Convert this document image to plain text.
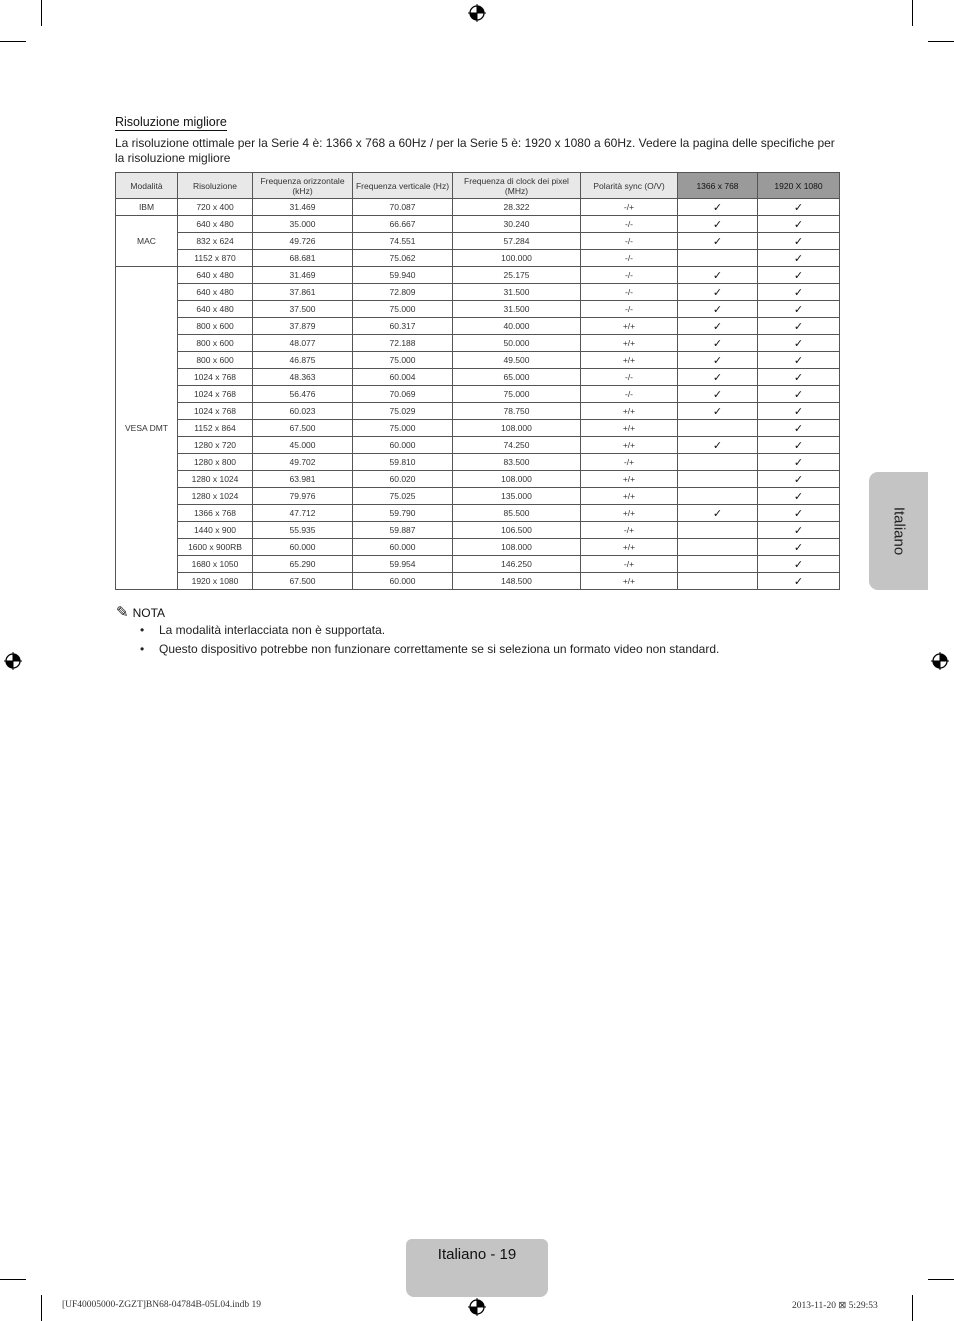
Risoluzione migliore
La risoluzione ottimale per la Serie 4 è: 1366 x 768 a 60Hz / per la Serie 5 è: 1920 x 1080 a 60Hz. Vedere la pagina delle specifiche per la risoluzione migliore
Modalità	Risoluzione	Frequenza orizzontale (kHz)	Frequenza verticale (Hz)	Frequenza di clock dei pixel (MHz)	Polarità sync (O/V)	1366 x 768	1920 X 1080
IBM	720 x 400	31.469	70.087	28.322	-/+	✓	✓
MAC	640 x 480	35.000	66.667	30.240	-/-	✓	✓
	832 x 624	49.726	74.551	57.284	-/-	✓	✓
	1152 x 870	68.681	75.062	100.000	-/-		✓
VESA DMT	640 x 480	31.469	59.940	25.175	-/-	✓	✓
	640 x 480	37.861	72.809	31.500	-/-	✓	✓
	640 x 480	37.500	75.000	31.500	-/-	✓	✓
	800 x 600	37.879	60.317	40.000	+/+	✓	✓
	800 x 600	48.077	72.188	50.000	+/+	✓	✓
	800 x 600	46.875	75.000	49.500	+/+	✓	✓
	1024 x 768	48.363	60.004	65.000	-/-	✓	✓
	1024 x 768	56.476	70.069	75.000	-/-	✓	✓
	1024 x 768	60.023	75.029	78.750	+/+	✓	✓
	1152 x 864	67.500	75.000	108.000	+/+		✓
	1280 x 720	45.000	60.000	74.250	+/+	✓	✓
	1280 x 800	49.702	59.810	83.500	-/+		✓
	1280 x 1024	63.981	60.020	108.000	+/+		✓
	1280 x 1024	79.976	75.025	135.000	+/+		✓
	1366 x 768	47.712	59.790	85.500	+/+	✓	✓
	1440 x 900	55.935	59.887	106.500	-/+		✓
	1600 x 900RB	60.000	60.000	108.000	+/+		✓
	1680 x 1050	65.290	59.954	146.250	-/+		✓
	1920 x 1080	67.500	60.000	148.500	+/+		✓
✎ NOTA
• La modalità interlacciata non è supportata.
• Questo dispositivo potrebbe non funzionare correttamente se si seleziona un formato video non standard.
Italiano
Italiano - 19
[UF40005000-ZGZT]BN68-04784B-05L04.indb 19	2013-11-20 ⊠ 5:29:53
